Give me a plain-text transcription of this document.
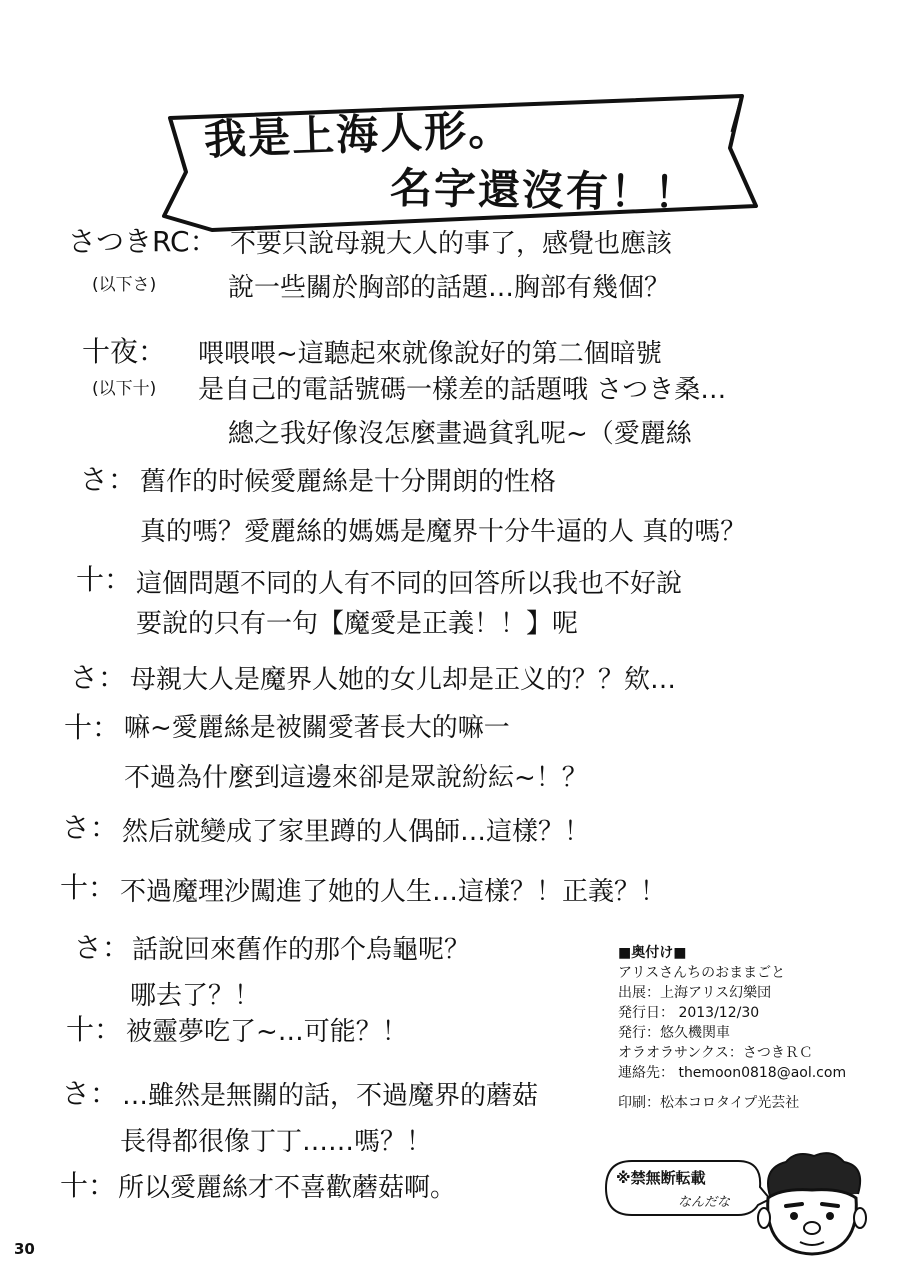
我是上海人形。
名字還沒有！！
さつきRC： 不要只說母親大人的事了，感覺也應該
(以下さ)	說一些關於胸部的話題…胸部有幾個？
十夜： 喂喂喂~這聽起來就像說好的第二個暗號
(以下十) 是自己的電話號碼一樣差的話題哦 さつき桑…
總之我好像沒怎麼畫過貧乳呢~（愛麗絲
さ： 舊作的时候愛麗絲是十分開朗的性格
真的嗎？愛麗絲的媽媽是魔界十分牛逼的人 真的嗎？
十： 這個問題不同的人有不同的回答所以我也不好說
要說的只有一句【魔愛是正義！！】呢
さ： 母親大人是魔界人她的女儿却是正义的？？欸…
十： 嘛~愛麗絲是被關愛著長大的嘛一
不過為什麼到這邊來卻是眾說紛紜~！？
さ： 然后就變成了家里蹲的人偶師…這樣？！
十： 不過魔理沙闖進了她的人生…這樣？！正義？！
さ： 話說回來舊作的那个烏龜呢？
哪去了？！
十： 被靈夢吃了~…可能？！
さ： …雖然是無關的話，不過魔界的蘑菇
長得都很像丁丁……嗎？！
十： 所以愛麗絲才不喜歡蘑菇啊。
■奥付け■
アリスさんちのおままごと
出展：上海アリス幻樂団
発行日： 2013/12/30
発行：悠久機関車
オラオラサンクス：さつきＲＣ
連絡先： themoon0818@aol.com
印刷：松本コロタイプ光芸社
※禁無断転載
なんだな
30
